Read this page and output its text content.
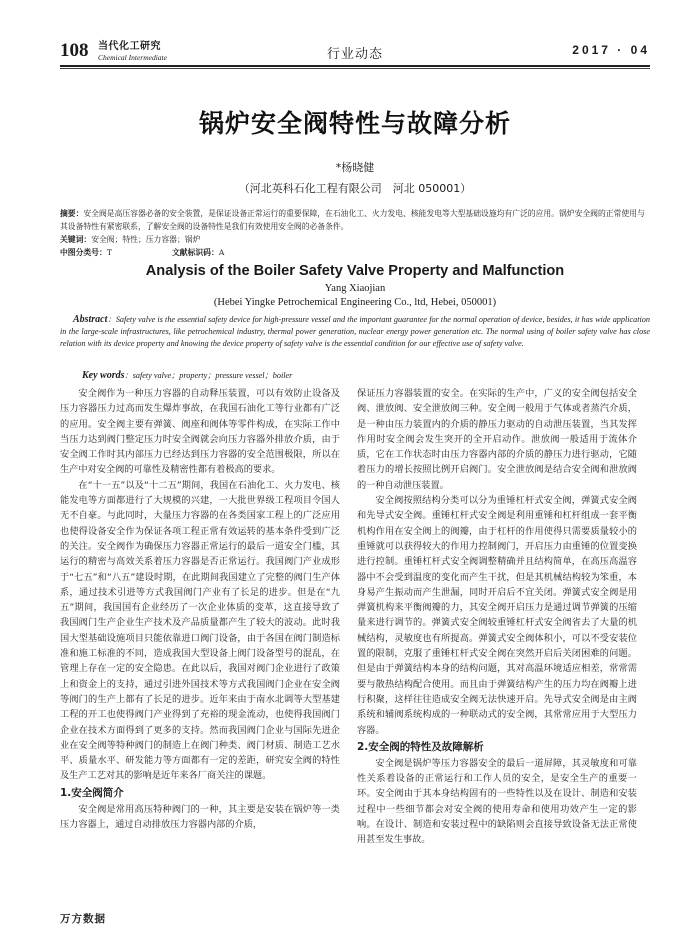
108 当代化工研究
Chemical Intermediate	行业动态	2017 · 04
锅炉安全阀特性与故障分析
*杨晓健
（河北英科石化工程有限公司　河北 050001）
摘要：安全阀是高压容器必备的安全装置，是保证设备正常运行的重要保障，在石油化工、火力发电、核能发电等大型基础设施均有广泛的应用。锅炉安全阀的正常使用与其设备特性有紧密联系，了解安全阀的设备特性是我们有效使用安全阀的必备条件。
关键词：安全阀；特性；压力容器；锅炉
中图分类号：T	文献标识码：A
Analysis of the Boiler Safety Valve Property and Malfunction
Yang Xiaojian
(Hebei Yingke Petrochemical Engineering Co., ltd, Hebei, 050001)
Abstract：Safety valve is the essential safety device for high-pressure vessel and the important guarantee for the normal operation of device, besides, it has wide application in the large-scale infrastructures, like petrochemical industry, thermal power generation, nuclear energy power generation etc. The normal using of boiler safety valve has close relation with its device property and knowing the device property of safety valve is the essential condition for our effective use of safety valve.
Key words：safety valve；property；pressure vessel；boiler

安全阀作为一种压力容器的自动释压装置，可以有效防止设备及压力容器压力过高而发生爆炸事故，在我国石油化工等行业都有广泛的应用。安全阀主要有弹簧、阀座和阀体等零件构成，在实际工作中当压力达到阀门整定压力时安全阀就会向压力容器外排放介质，由于安全阀工作时其内部压力已经达到压力容器的安全范围极限，所以在生产中对安全阀的可靠性及精密性都有着极高的要求。

在“十一五”以及“十二五”期间，我国在石油化工、火力发电、核能发电等方面都进行了大规模的兴建，一大批世界级工程项目令国人无不自豪。与此同时，大量压力容器的在各类国家工程上的广泛应用也使得设备安全作为保证各项工程正常有效运转的基本条件受到广泛的关注。安全阀作为确保压力容器正常运行的最后一道安全门槛，其运行的精密与高效关系着压力容器是否正常运行。我国阀门产业成形于“七五”和“八五”建设时期，在此期间我国建立了完整的阀门生产体系，通过技术引进等方式我国阀门产业有了长足的进步。但是在“九五”期间，我国国有企业经历了一次企业体质的变革，这直接导致了我国阀门生产企业生产技术及产品质量都产生了较大的波动。此时我国大型基础设施项目只能依靠进口阀门设备，由于各国在阀门制造标准和施工标准的不同，造成我国大型设备上阀门设备型号的混乱，在管理上存在一定的安全隐患。在此以后，我国对阀门企业进行了政策上和资金上的支持，通过引进外国技术等方式我国阀门企业在安全阀等阀门的生产上都有了长足的进步。近年来由于南水北调等大型基建工程的开工也使得阀门产业得到了充裕的现金流动，也使得我国阀门企业在技术方面得到了更多的支持。然而我国阀门企业与国际先进企业在安全阀等特种阀门的制造上在阀门种类、阀门材质、制造工艺水平、质量水平、研发能力等方面都有一定的差距，研究安全阀的特性及生产工艺对其的影响是近年来各厂商关注的课题。

1.安全阀简介

安全阀是常用高压特种阀门的一种，其主要是安装在锅炉等一类压力容器上，通过自动排放压力容器内部的介质，

保证压力容器装置的安全。在实际的生产中，广义的安全阀包括安全阀、泄放阀、安全泄放阀三种。安全阀一般用于气体或者蒸汽介质，是一种由压力装置内的介质的静压力驱动的自动泄压装置，当其发挥作用时安全阀会发生突开的全开启动作。泄放阀一般适用于流体介质，它在工作状态时由压力容器内部的介质的静压力进行驱动，它随着压力的增长按照比例开启阀门。安全泄放阀是结合安全阀和泄放阀的一种自动泄压装置。

安全阀按照结构分类可以分为重锤杠杆式安全阀，弹簧式安全阀和先导式安全阀。重锤杠杆式安全阀是利用重锤和杠杆组成一套平衡机构作用在安全阀上的阀瓣，由于杠杆的作用使得只需要质量较小的重锤就可以获得较大的作用力控制阀门，开启压力由重锤的位置变换进行控制。重锤杠杆式安全阀调整精确并且结构简单，在高压高温容器中不会受到温度的变化而产生干扰，但是其机械结构较为笨重，本身易产生振动而产生泄漏，同时开启后不宜关闭。弹簧式安全阀是用弹簧机构来平衡阀瓣的力，其安全阀开启压力是通过调节弹簧的压缩量来进行调节的。弹簧式安全阀较重锤杠杆式安全阀省去了大量的机械结构，灵敏度也有所提高。弹簧式安全阀体积小，可以不受安装位置的限制，克服了重锤杠杆式安全阀在突然开启后关闭困难的问题。但是由于弹簧结构本身的结构问题，其对高温环境适应相差，常常需要与散热结构配合使用。而且由于弹簧结构产生的压力均在阀瓣上进行积聚，这样往往造成安全阀无法快速开启。先导式安全阀是由主阀系统和辅阀系统构成的一种联动式的安全阀，其常常应用于大型压力容器。

2.安全阀的特性及故障解析

安全阀是锅炉等压力容器安全的最后一道屏障，其灵敏度和可靠性关系着设备的正常运行和工作人员的安全，是安全生产的重要一环。安全阀由于其本身结构固有的一些特性以及在设计、制造和安装过程中一些细节都会对安全阀的使用寿命和使用功效产生一定的影响。在设计、制造和安装过程中的缺陷则会直接导致设备无法正常使用甚至发生事故。

万方数据
